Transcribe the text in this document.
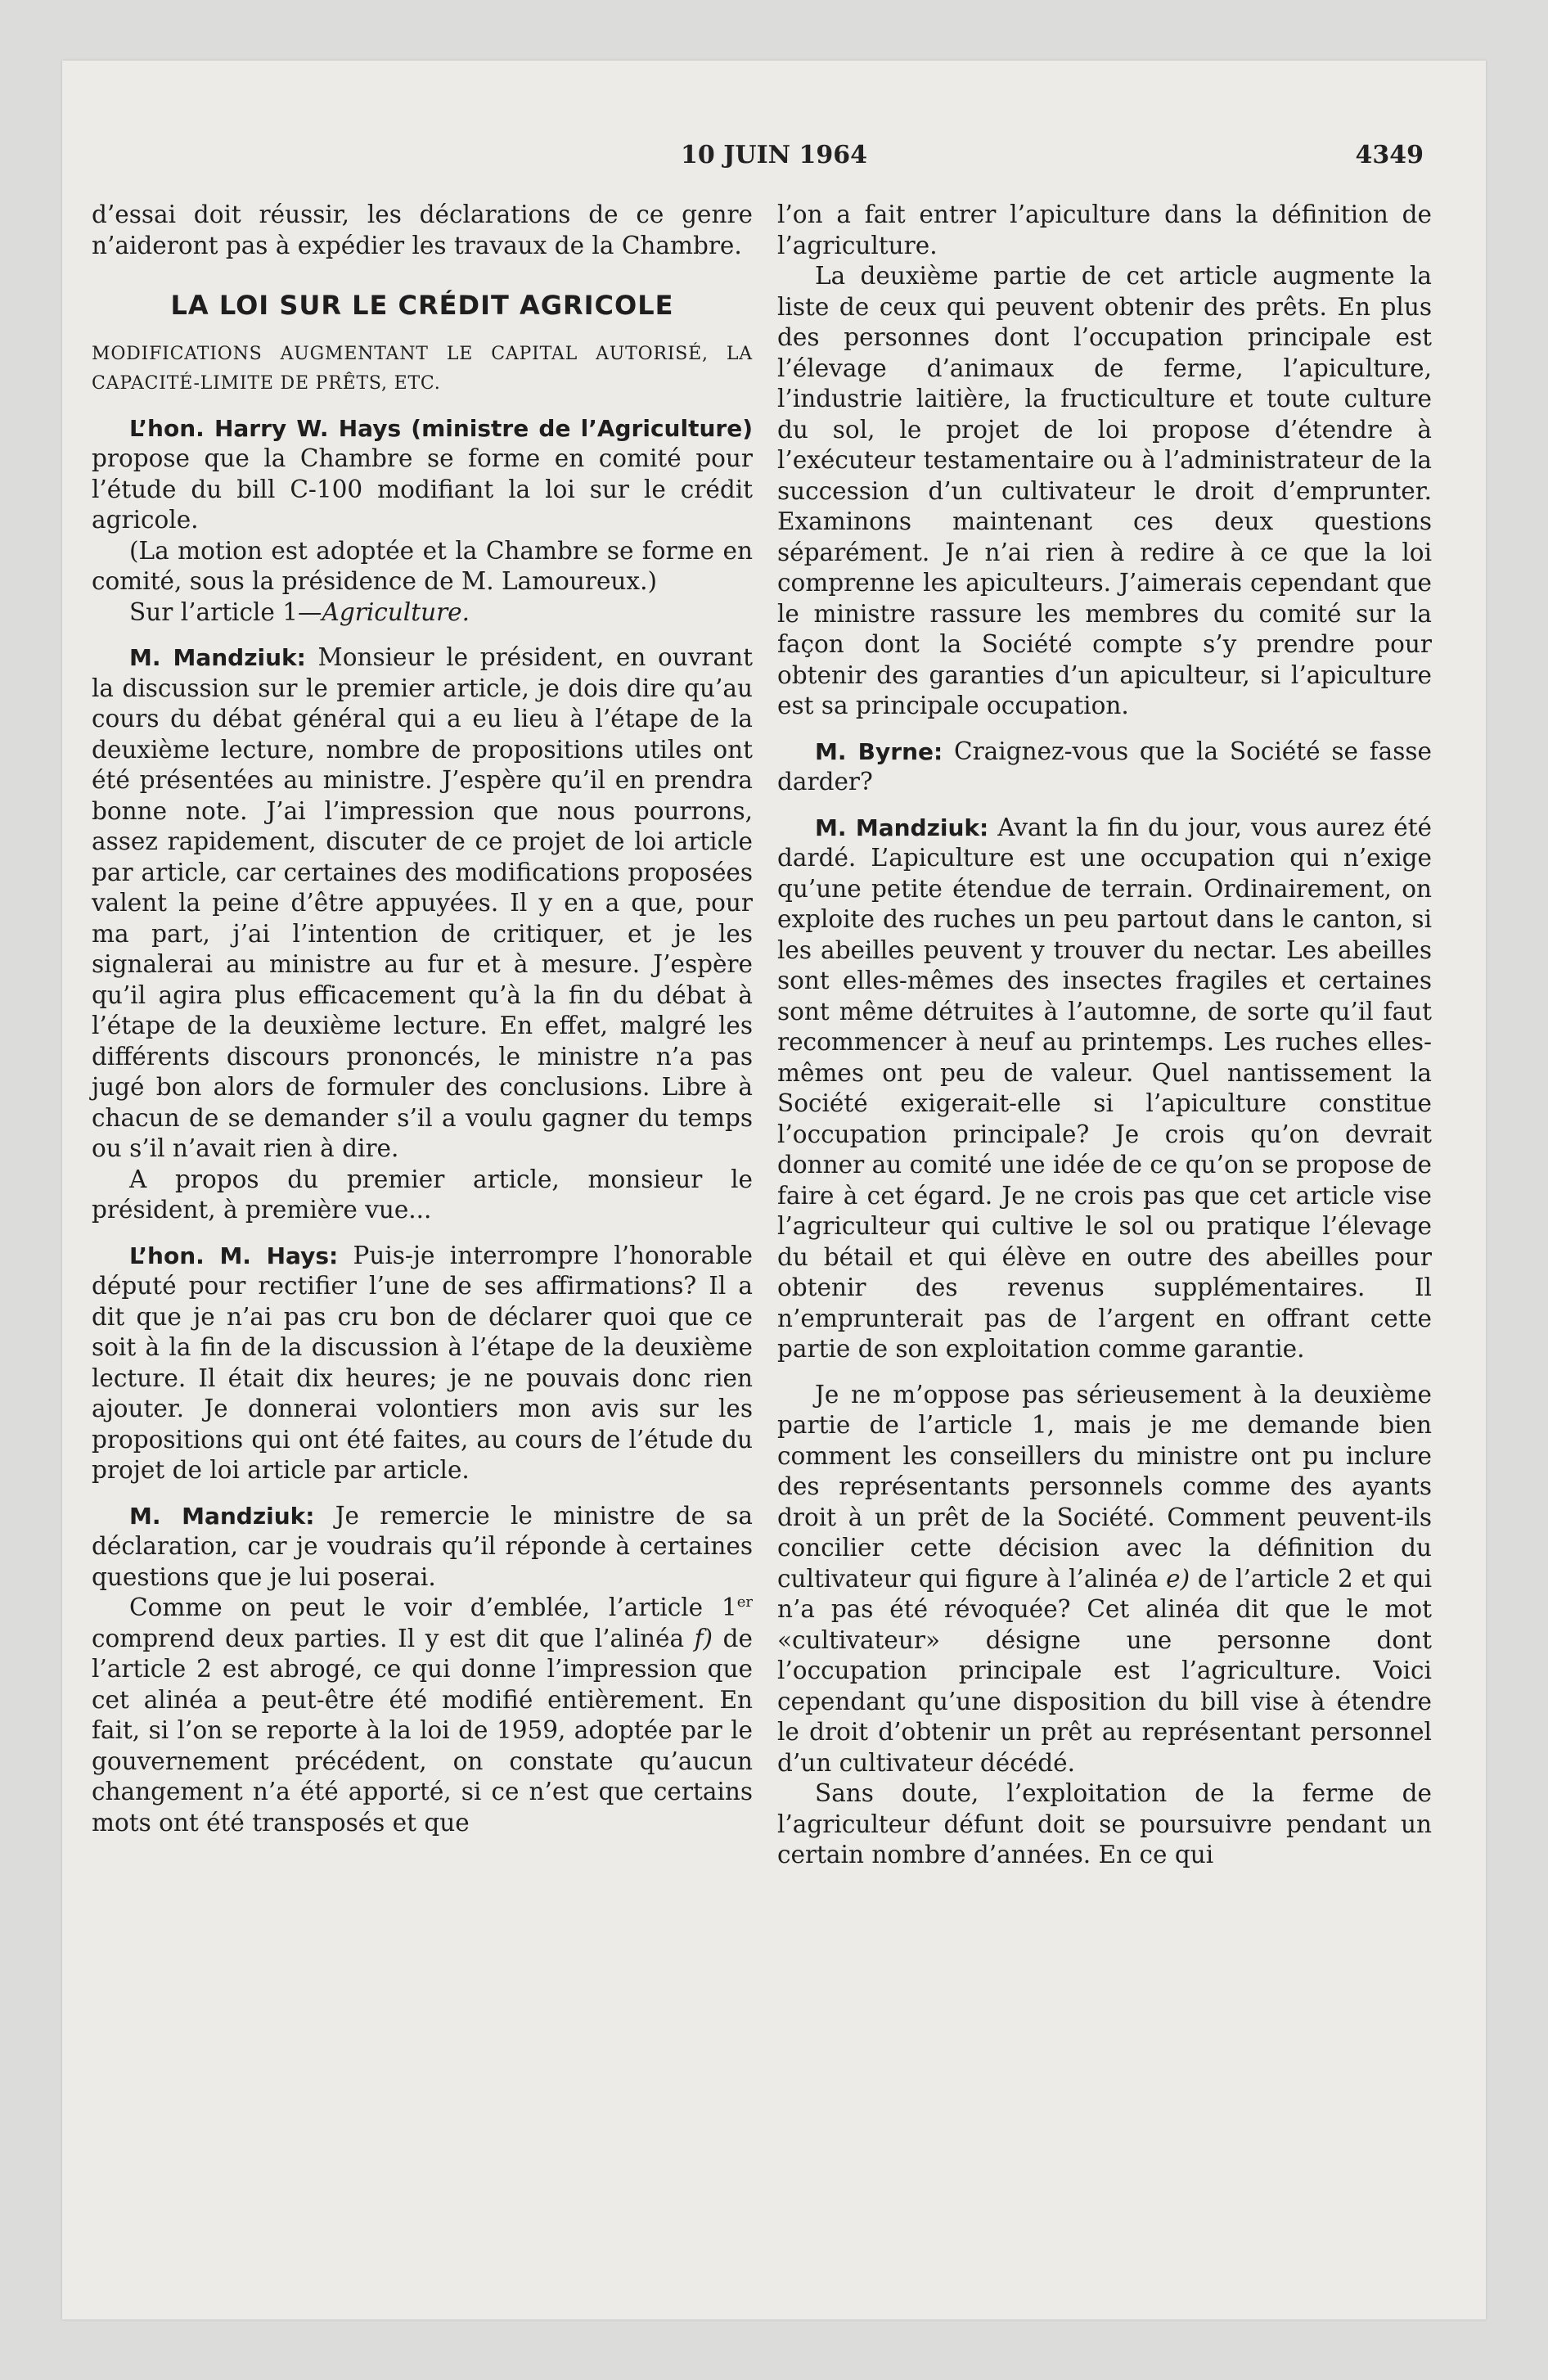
10 JUIN 1964	4349

d’essai doit réussir, les déclarations de ce genre n’aideront pas à expédier les travaux de la Chambre.

LA LOI SUR LE CRÉDIT AGRICOLE
MODIFICATIONS AUGMENTANT LE CAPITAL AUTORISÉ, LA CAPACITÉ-LIMITE DE PRÊTS, ETC.

L’hon. Harry W. Hays (ministre de l’Agriculture) propose que la Chambre se forme en comité pour l’étude du bill C-100 modifiant la loi sur le crédit agricole.

(La motion est adoptée et la Chambre se forme en comité, sous la présidence de M. Lamoureux.)

Sur l’article 1—Agriculture.

M. Mandziuk: Monsieur le président, en ouvrant la discussion sur le premier article, je dois dire qu’au cours du débat général qui a eu lieu à l’étape de la deuxième lecture, nombre de propositions utiles ont été présentées au ministre. J’espère qu’il en prendra bonne note. J’ai l’impression que nous pourrons, assez rapidement, discuter de ce projet de loi article par article, car certaines des modifications proposées valent la peine d’être appuyées. Il y en a que, pour ma part, j’ai l’intention de critiquer, et je les signalerai au ministre au fur et à mesure. J’espère qu’il agira plus efficacement qu’à la fin du débat à l’étape de la deuxième lecture. En effet, malgré les différents discours prononcés, le ministre n’a pas jugé bon alors de formuler des conclusions. Libre à chacun de se demander s’il a voulu gagner du temps ou s’il n’avait rien à dire.

A propos du premier article, monsieur le président, à première vue...

L’hon. M. Hays: Puis-je interrompre l’honorable député pour rectifier l’une de ses affirmations? Il a dit que je n’ai pas cru bon de déclarer quoi que ce soit à la fin de la discussion à l’étape de la deuxième lecture. Il était dix heures; je ne pouvais donc rien ajouter. Je donnerai volontiers mon avis sur les propositions qui ont été faites, au cours de l’étude du projet de loi article par article.

M. Mandziuk: Je remercie le ministre de sa déclaration, car je voudrais qu’il réponde à certaines questions que je lui poserai.

Comme on peut le voir d’emblée, l’article 1er comprend deux parties. Il y est dit que l’alinéa f) de l’article 2 est abrogé, ce qui donne l’impression que cet alinéa a peut-être été modifié entièrement. En fait, si l’on se reporte à la loi de 1959, adoptée par le gouvernement précédent, on constate qu’aucun changement n’a été apporté, si ce n’est que certains mots ont été transposés et que

l’on a fait entrer l’apiculture dans la définition de l’agriculture.

La deuxième partie de cet article augmente la liste de ceux qui peuvent obtenir des prêts. En plus des personnes dont l’occupation principale est l’élevage d’animaux de ferme, l’apiculture, l’industrie laitière, la fructiculture et toute culture du sol, le projet de loi propose d’étendre à l’exécuteur testamentaire ou à l’administrateur de la succession d’un cultivateur le droit d’emprunter. Examinons maintenant ces deux questions séparément. Je n’ai rien à redire à ce que la loi comprenne les apiculteurs. J’aimerais cependant que le ministre rassure les membres du comité sur la façon dont la Société compte s’y prendre pour obtenir des garanties d’un apiculteur, si l’apiculture est sa principale occupation.

M. Byrne: Craignez-vous que la Société se fasse darder?

M. Mandziuk: Avant la fin du jour, vous aurez été dardé. L’apiculture est une occupation qui n’exige qu’une petite étendue de terrain. Ordinairement, on exploite des ruches un peu partout dans le canton, si les abeilles peuvent y trouver du nectar. Les abeilles sont elles-mêmes des insectes fragiles et certaines sont même détruites à l’automne, de sorte qu’il faut recommencer à neuf au printemps. Les ruches elles-mêmes ont peu de valeur. Quel nantissement la Société exigerait-elle si l’apiculture constitue l’occupation principale? Je crois qu’on devrait donner au comité une idée de ce qu’on se propose de faire à cet égard. Je ne crois pas que cet article vise l’agriculteur qui cultive le sol ou pratique l’élevage du bétail et qui élève en outre des abeilles pour obtenir des revenus supplémentaires. Il n’emprunterait pas de l’argent en offrant cette partie de son exploitation comme garantie.

Je ne m’oppose pas sérieusement à la deuxième partie de l’article 1, mais je me demande bien comment les conseillers du ministre ont pu inclure des représentants personnels comme des ayants droit à un prêt de la Société. Comment peuvent-ils concilier cette décision avec la définition du cultivateur qui figure à l’alinéa e) de l’article 2 et qui n’a pas été révoquée? Cet alinéa dit que le mot «cultivateur» désigne une personne dont l’occupation principale est l’agriculture. Voici cependant qu’une disposition du bill vise à étendre le droit d’obtenir un prêt au représentant personnel d’un cultivateur décédé.

Sans doute, l’exploitation de la ferme de l’agriculteur défunt doit se poursuivre pendant un certain nombre d’années. En ce qui
